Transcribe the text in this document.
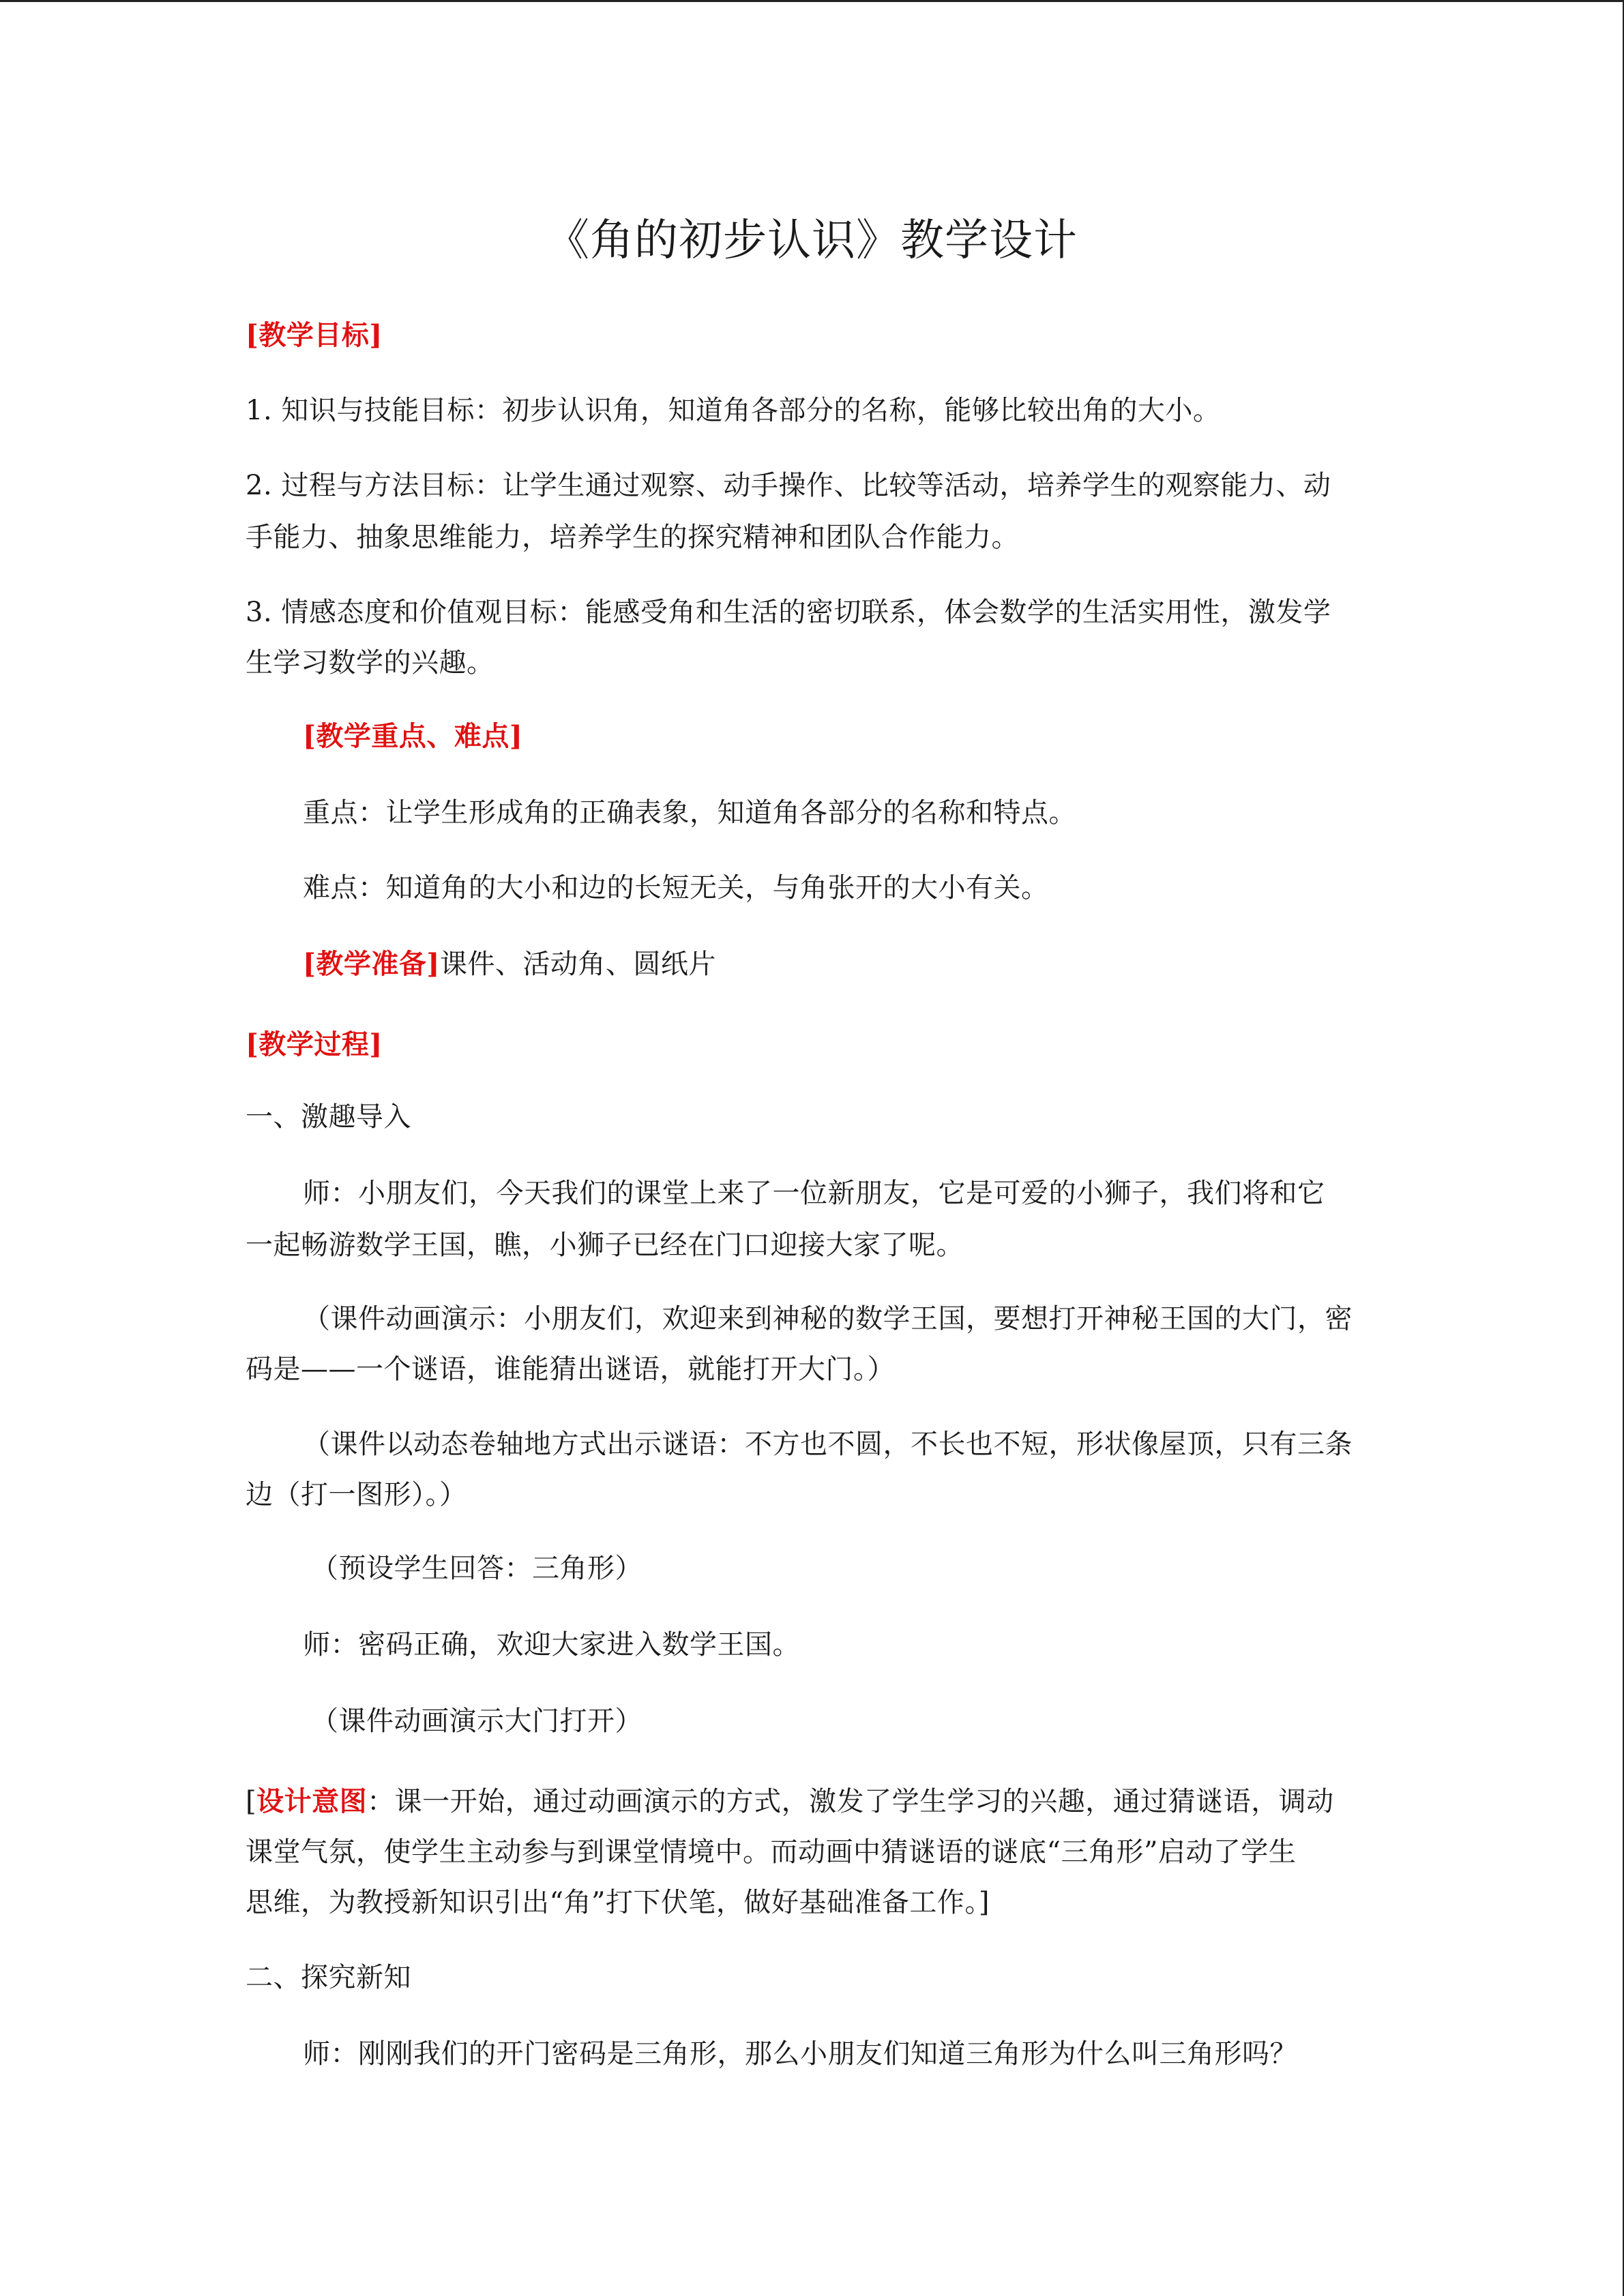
《角的初步认识》教学设计
[教学目标]
1. 知识与技能目标：初步认识角，知道角各部分的名称，能够比较出角的大小。
2. 过程与方法目标：让学生通过观察、动手操作、比较等活动，培养学生的观察能力、动
手能力、抽象思维能力，培养学生的探究精神和团队合作能力。
3. 情感态度和价值观目标：能感受角和生活的密切联系，体会数学的生活实用性，激发学
生学习数学的兴趣。
[教学重点、难点]
重点：让学生形成角的正确表象，知道角各部分的名称和特点。
难点：知道角的大小和边的长短无关，与角张开的大小有关。
[教学准备]课件、活动角、圆纸片
[教学过程]
一、激趣导入
师：小朋友们，今天我们的课堂上来了一位新朋友，它是可爱的小狮子，我们将和它
一起畅游数学王国，瞧，小狮子已经在门口迎接大家了呢。
（课件动画演示：小朋友们，欢迎来到神秘的数学王国，要想打开神秘王国的大门，密
码是——一个谜语，谁能猜出谜语，就能打开大门。）
（课件以动态卷轴地方式出示谜语：不方也不圆，不长也不短，形状像屋顶，只有三条
边（打一图形）。）
（预设学生回答：三角形）
师：密码正确，欢迎大家进入数学王国。
（课件动画演示大门打开）
[设计意图：课一开始，通过动画演示的方式，激发了学生学习的兴趣，通过猜谜语，调动
课堂气氛，使学生主动参与到课堂情境中。而动画中猜谜语的谜底“三角形”启动了学生
思维，为教授新知识引出“角”打下伏笔，做好基础准备工作。]
二、探究新知
师：刚刚我们的开门密码是三角形，那么小朋友们知道三角形为什么叫三角形吗？
